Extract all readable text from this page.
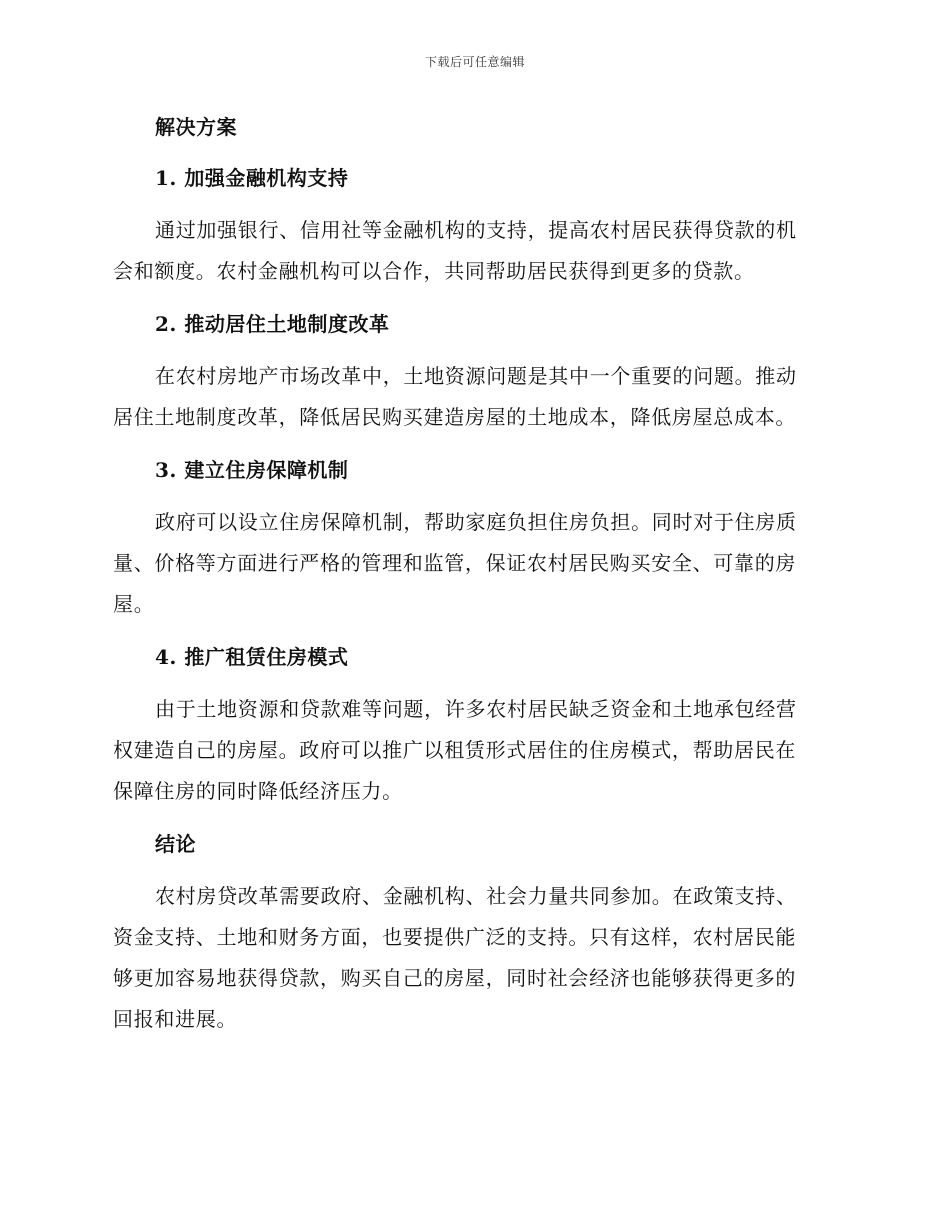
下载后可任意编辑
解决方案
1. 加强金融机构支持
通过加强银行、信用社等金融机构的支持，提高农村居民获得贷款的机
会和额度。农村金融机构可以合作，共同帮助居民获得到更多的贷款。
2. 推动居住土地制度改革
在农村房地产市场改革中，土地资源问题是其中一个重要的问题。推动
居住土地制度改革，降低居民购买建造房屋的土地成本，降低房屋总成本。
3. 建立住房保障机制
政府可以设立住房保障机制，帮助家庭负担住房负担。同时对于住房质
量、价格等方面进行严格的管理和监管，保证农村居民购买安全、可靠的房
屋。
4. 推广租赁住房模式
由于土地资源和贷款难等问题，许多农村居民缺乏资金和土地承包经营
权建造自己的房屋。政府可以推广以租赁形式居住的住房模式，帮助居民在
保障住房的同时降低经济压力。
结论
农村房贷改革需要政府、金融机构、社会力量共同参加。在政策支持、
资金支持、土地和财务方面，也要提供广泛的支持。只有这样，农村居民能
够更加容易地获得贷款，购买自己的房屋，同时社会经济也能够获得更多的
回报和进展。
